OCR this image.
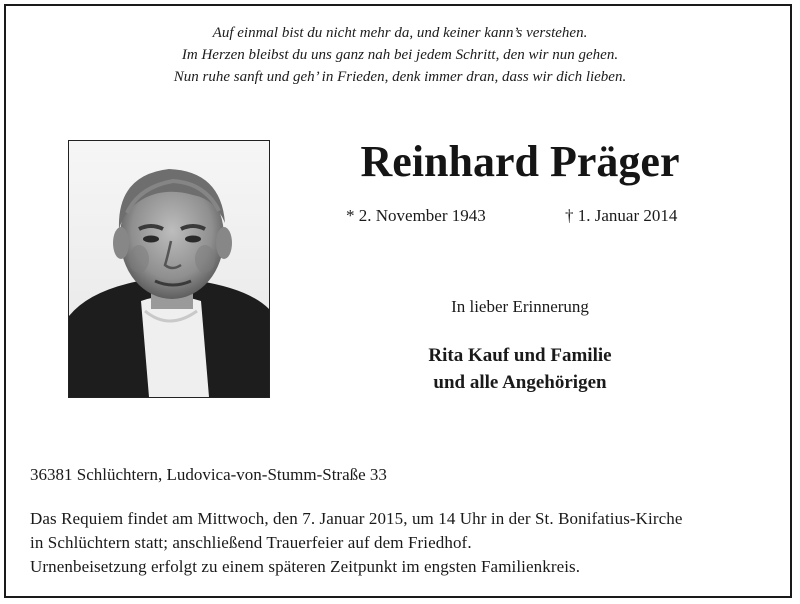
Auf einmal bist du nicht mehr da, und keiner kann’s verstehen.
Im Herzen bleibst du uns ganz nah bei jedem Schritt, den wir nun gehen.
Nun ruhe sanft und geh’ in Frieden, denk immer dran, dass wir dich lieben.
Reinhard Präger
* 2. November 1943	† 1. Januar 2014
In lieber Erinnerung
Rita Kauf und Familie
und alle Angehörigen
36381 Schlüchtern, Ludovica-von-Stumm-Straße 33
Das Requiem findet am Mittwoch, den 7. Januar 2015, um 14 Uhr in der St. Bonifatius-Kirche
in Schlüchtern statt; anschließend Trauerfeier auf dem Friedhof.
Urnenbeisetzung erfolgt zu einem späteren Zeitpunkt im engsten Familienkreis.
